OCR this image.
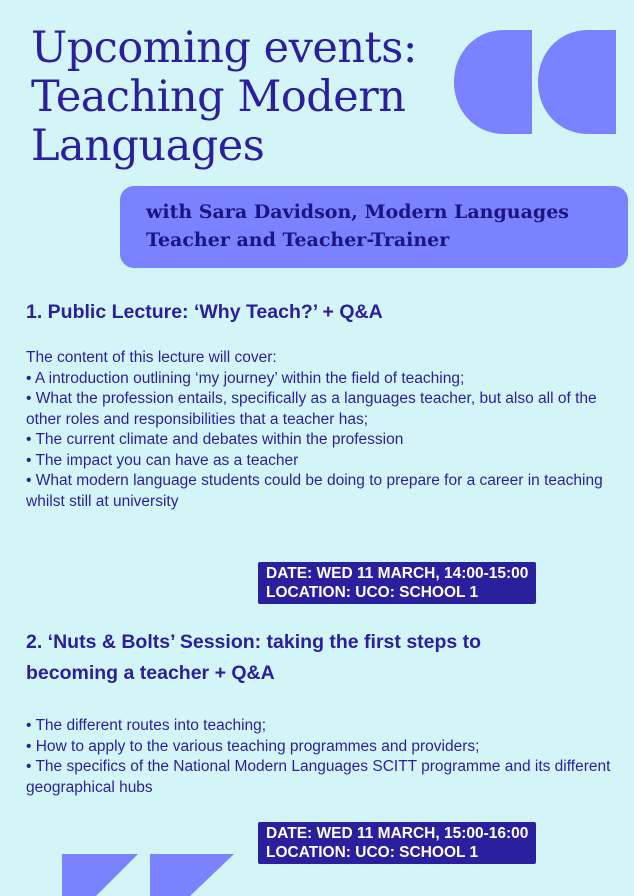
Upcoming events:
Teaching Modern
Languages

with Sara Davidson, Modern Languages
Teacher and Teacher-Trainer

1. Public Lecture: ‘Why Teach?’ + Q&A

The content of this lecture will cover:

• A introduction outlining ‘my journey’ within the field of teaching;

• What the profession entails, specifically as a languages teacher, but also all of the other roles and responsibilities that a teacher has;

• The current climate and debates within the profession

• The impact you can have as a teacher

• What modern language students could be doing to prepare for a career in teaching whilst still at university

DATE: WED 11 MARCH, 14:00-15:00

LOCATION: UCO: SCHOOL 1

2. ‘Nuts & Bolts’ Session: taking the first steps to
becoming a teacher + Q&A

• The different routes into teaching;

• How to apply to the various teaching programmes and providers;

• The specifics of the National Modern Languages SCITT programme and its different geographical hubs

DATE: WED 11 MARCH, 15:00-16:00

LOCATION: UCO: SCHOOL 1
